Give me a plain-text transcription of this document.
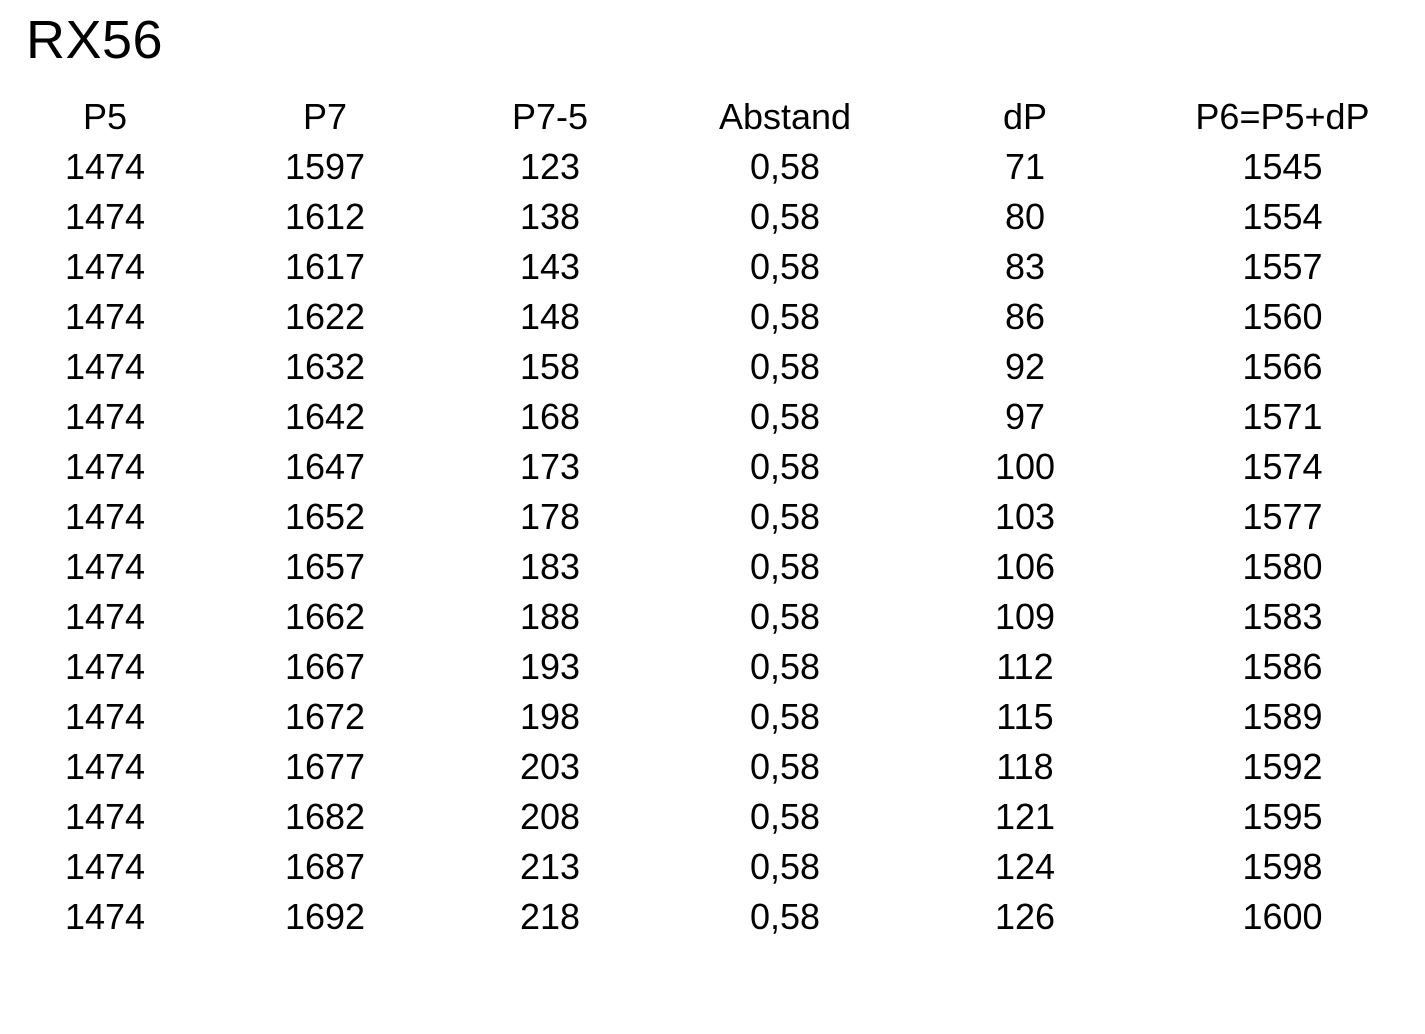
RX56
P5	P7	P7-5	Abstand	dP	P6=P5+dP
1474	1597	123	0,58	71	1545
1474	1612	138	0,58	80	1554
1474	1617	143	0,58	83	1557
1474	1622	148	0,58	86	1560
1474	1632	158	0,58	92	1566
1474	1642	168	0,58	97	1571
1474	1647	173	0,58	100	1574
1474	1652	178	0,58	103	1577
1474	1657	183	0,58	106	1580
1474	1662	188	0,58	109	1583
1474	1667	193	0,58	112	1586
1474	1672	198	0,58	115	1589
1474	1677	203	0,58	118	1592
1474	1682	208	0,58	121	1595
1474	1687	213	0,58	124	1598
1474	1692	218	0,58	126	1600
